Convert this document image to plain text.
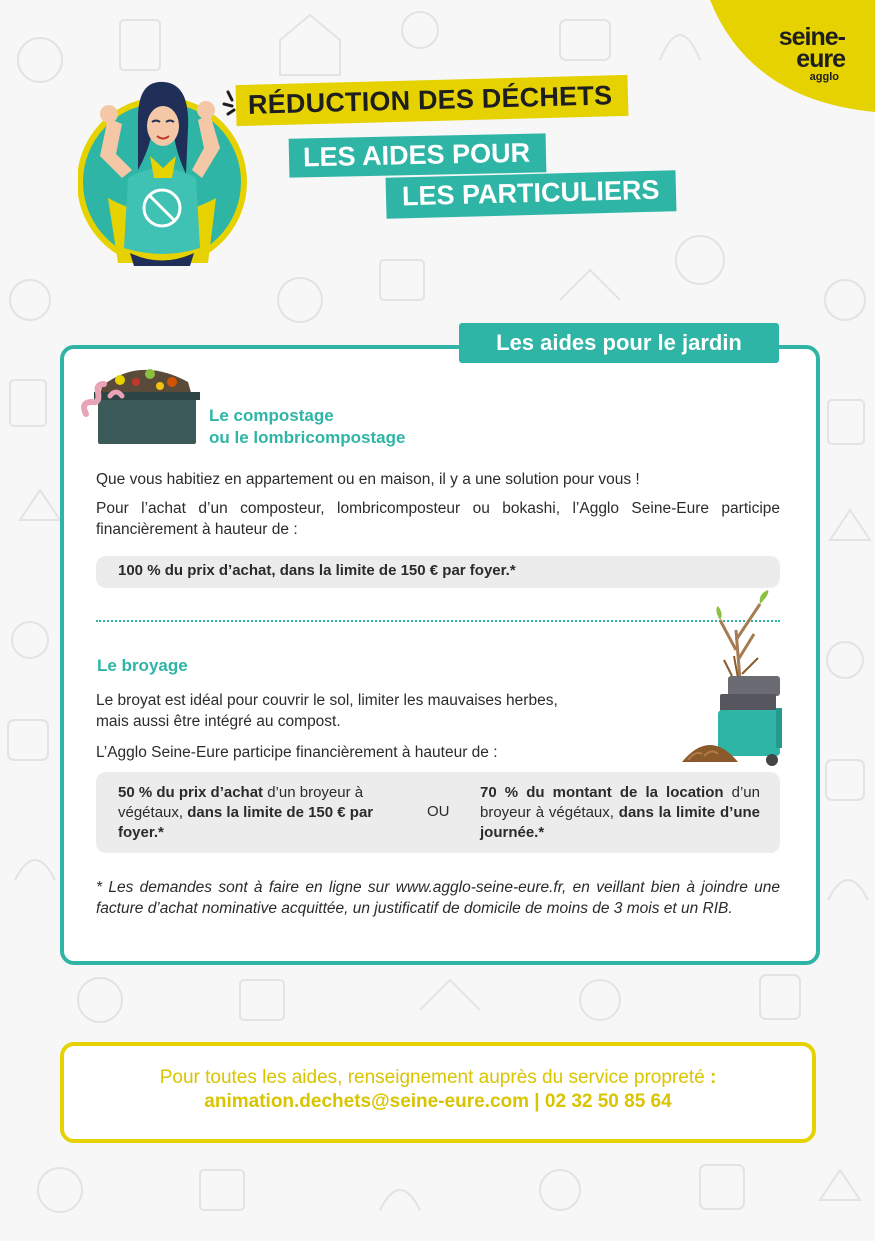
seine-eure
agglo
RÉDUCTION DES DÉCHETS
LES AIDES POUR
LES PARTICULIERS
Les aides pour le jardin
Le compostage
ou le lombricompostage
Que vous habitiez en appartement ou en maison, il y a une solution pour vous !
Pour l’achat d’un composteur, lombricomposteur ou bokashi, l’Agglo Seine-Eure participe financièrement à hauteur de :
100 % du prix d’achat, dans la limite de 150 € par foyer.*
Le broyage
Le broyat est idéal pour couvrir le sol, limiter les mauvaises herbes,
mais aussi être intégré au compost.
L’Agglo Seine-Eure participe financièrement à hauteur de :
50 % du prix d’achat d’un broyeur à végétaux, dans la limite de 150 € par foyer.*
OU
70 % du montant de la location d’un broyeur à végétaux, dans la limite d’une journée.*
* Les demandes sont à faire en ligne sur www.agglo-seine-eure.fr, en veillant bien à joindre une facture d’achat nominative acquittée, un justificatif de domicile de moins de 3 mois et un RIB.
Pour toutes les aides, renseignement auprès du service propreté :
animation.dechets@seine-eure.com | 02 32 50 85 64
